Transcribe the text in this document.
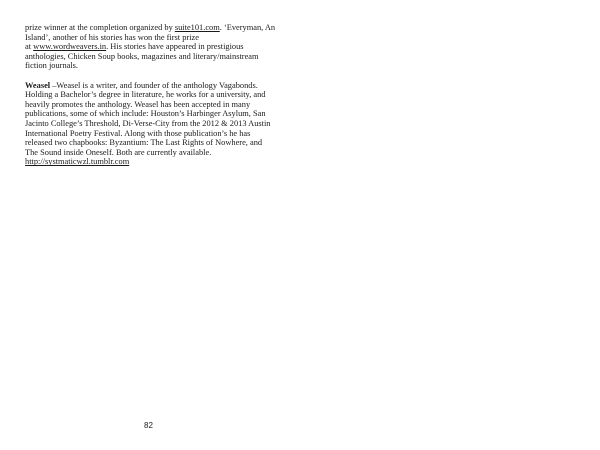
prize winner at the completion organized by suite101.com. ‘Everyman, An
Island’, another of his stories has won the first prize
at www.wordweavers.in. His stories have appeared in prestigious
anthologies, Chicken Soup books, magazines and literary/mainstream
fiction journals.
Weasel –Weasel is a writer, and founder of the anthology Vagabonds.
Holding a Bachelor’s degree in literature, he works for a university, and
heavily promotes the anthology. Weasel has been accepted in many
publications, some of which include: Houston’s Harbinger Asylum, San
Jacinto College’s Threshold, Di-Verse-City from the 2012 & 2013 Austin
International Poetry Festival. Along with those publication’s he has
released two chapbooks: Byzantium: The Last Rights of Nowhere, and
The Sound inside Oneself. Both are currently available.
http://systmaticwzl.tumblr.com
82
